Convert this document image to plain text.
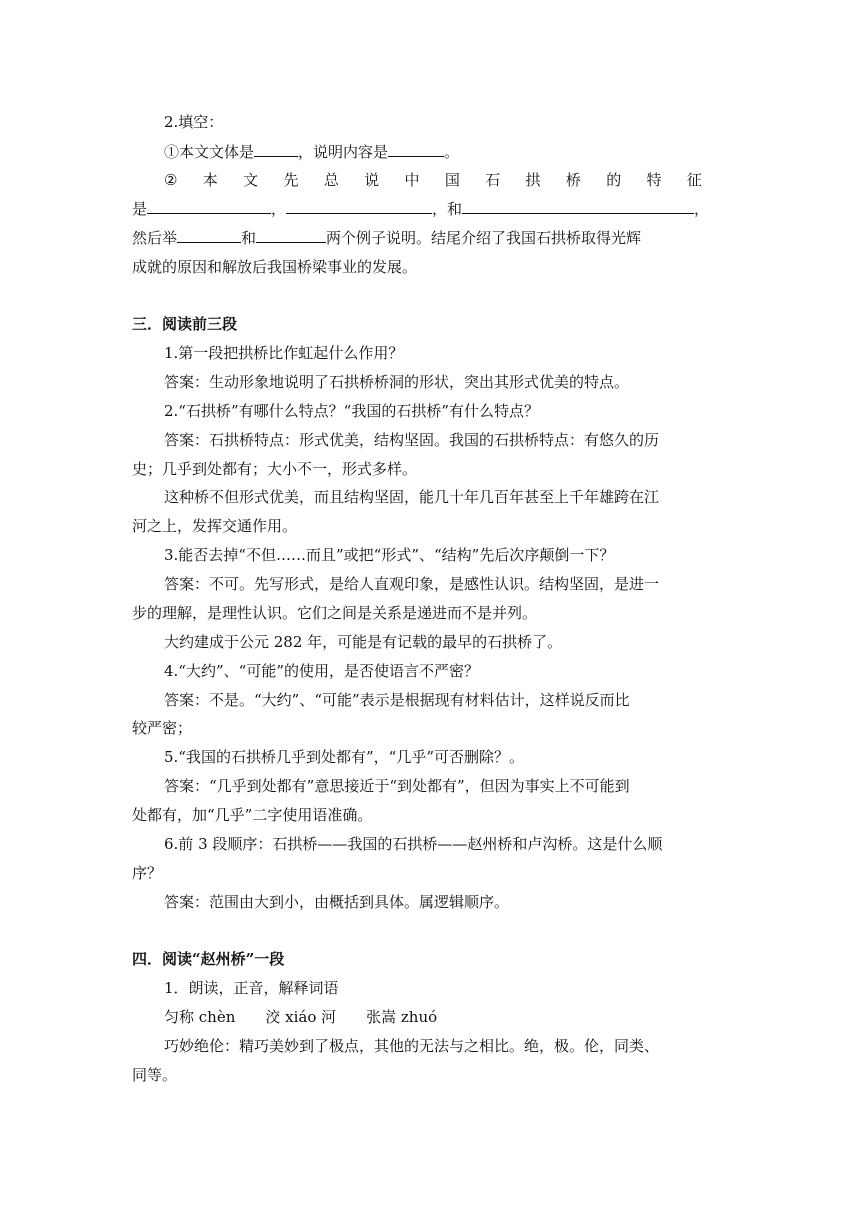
2.填空：
①本文文体是	，说明内容是	。
② 本 文 先 总 说 中 国 石 拱 桥 的 特 征
是	，	，和	，
然后举	和	两个例子说明。结尾介绍了我国石拱桥取得光辉
成就的原因和解放后我国桥梁事业的发展。
三．阅读前三段
1.第一段把拱桥比作虹起什么作用？
答案：生动形象地说明了石拱桥桥洞的形状，突出其形式优美的特点。
2.“石拱桥”有哪什么特点？“我国的石拱桥”有什么特点？
答案：石拱桥特点：形式优美，结构坚固。我国的石拱桥特点：有悠久的历
史；几乎到处都有；大小不一，形式多样。
这种桥不但形式优美，而且结构坚固，能几十年几百年甚至上千年雄跨在江
河之上，发挥交通作用。
3.能否去掉“不但……而且”或把“形式”、“结构”先后次序颠倒一下？
答案：不可。先写形式，是给人直观印象，是感性认识。结构坚固，是进一
步的理解，是理性认识。它们之间是关系是递进而不是并列。
大约建成于公元 282 年，可能是有记载的最早的石拱桥了。
4.“大约”、“可能”的使用，是否使语言不严密？
答案：不是。“大约”、“可能”表示是根据现有材料估计，这样说反而比
较严密；
5.“我国的石拱桥几乎到处都有”，“几乎”可否删除？。
答案：“几乎到处都有”意思接近于“到处都有”，但因为事实上不可能到
处都有，加“几乎”二字使用语准确。
6.前 3 段顺序：石拱桥——我国的石拱桥——赵州桥和卢沟桥。这是什么顺
序？
答案：范围由大到小，由概括到具体。属逻辑顺序。
四．阅读“赵州桥”一段
1．朗读，正音，解释词语
匀称 chèn　　洨 xiáo 河　　张嵩 zhuó
巧妙绝伦：精巧美妙到了极点，其他的无法与之相比。绝，极。伦，同类、
同等。
